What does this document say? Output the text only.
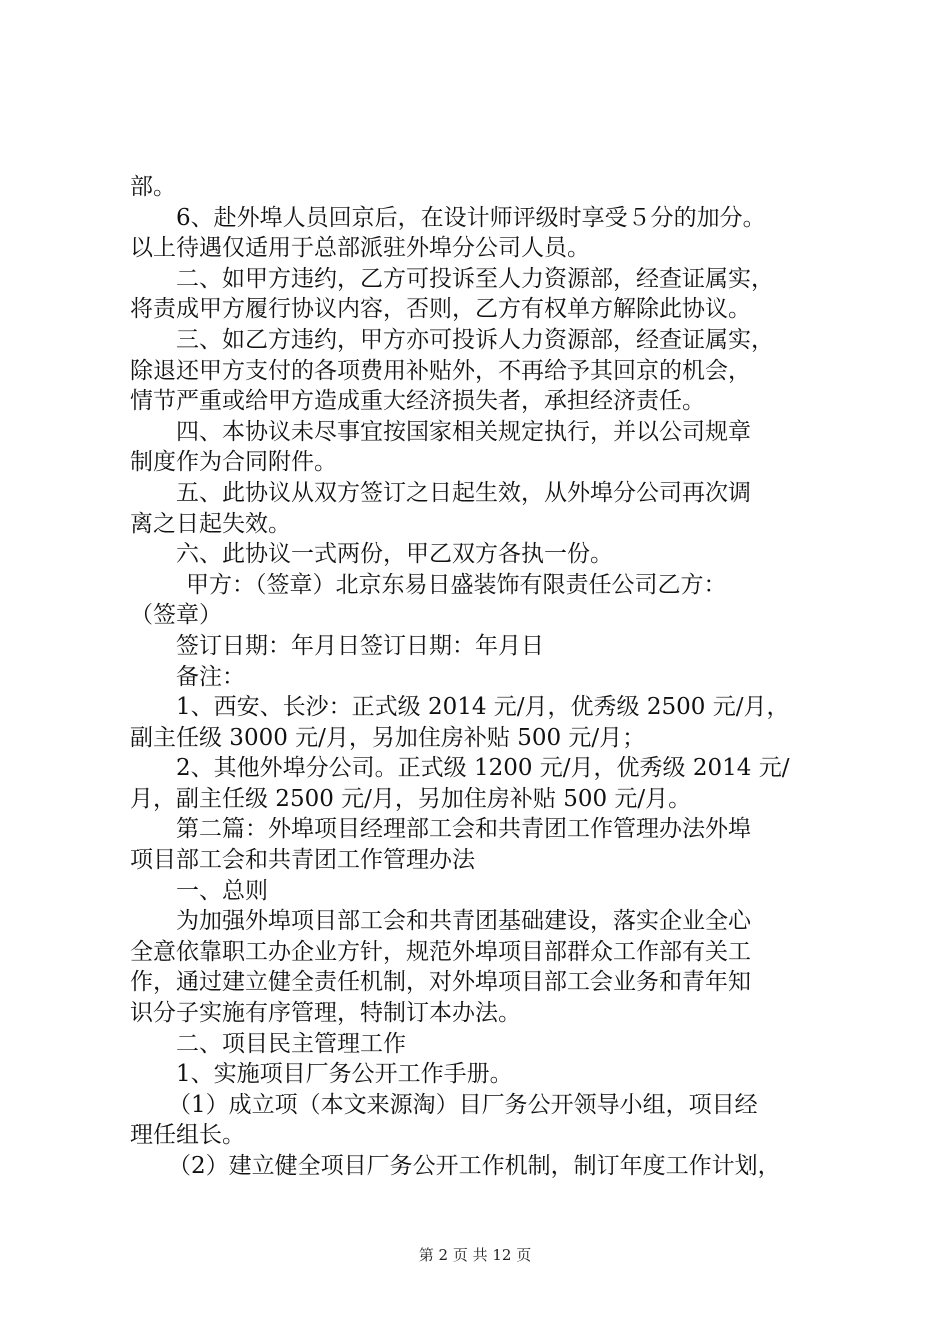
部。
6、赴外埠人员回京后，在设计师评级时享受５分的加分。
以上待遇仅适用于总部派驻外埠分公司人员。
二、如甲方违约，乙方可投诉至人力资源部，经查证属实，
将责成甲方履行协议内容，否则，乙方有权单方解除此协议。
三、如乙方违约，甲方亦可投诉人力资源部，经查证属实，
除退还甲方支付的各项费用补贴外，不再给予其回京的机会，
情节严重或给甲方造成重大经济损失者，承担经济责任。
四、本协议未尽事宜按国家相关规定执行，并以公司规章
制度作为合同附件。
五、此协议从双方签订之日起生效，从外埠分公司再次调
离之日起失效。
六、此协议一式两份，甲乙双方各执一份。
甲方：（签章）北京东易日盛装饰有限责任公司乙方：
（签章）
签订日期：年月日签订日期：年月日
备注：
1、西安、长沙：正式级 2014 元/月，优秀级 2500 元/月，
副主任级 3000 元/月，另加住房补贴 500 元/月；
2、其他外埠分公司。正式级 1200 元/月，优秀级 2014 元/
月，副主任级 2500 元/月，另加住房补贴 500 元/月。
第二篇：外埠项目经理部工会和共青团工作管理办法外埠
项目部工会和共青团工作管理办法
一、总则
为加强外埠项目部工会和共青团基础建设，落实企业全心
全意依靠职工办企业方针，规范外埠项目部群众工作部有关工
作，通过建立健全责任机制，对外埠项目部工会业务和青年知
识分子实施有序管理，特制订本办法。
二、项目民主管理工作
1、实施项目厂务公开工作手册。
（1）成立项（本文来源淘）目厂务公开领导小组，项目经
理任组长。
（2）建立健全项目厂务公开工作机制，制订年度工作计划，
第 2 页 共 12 页
